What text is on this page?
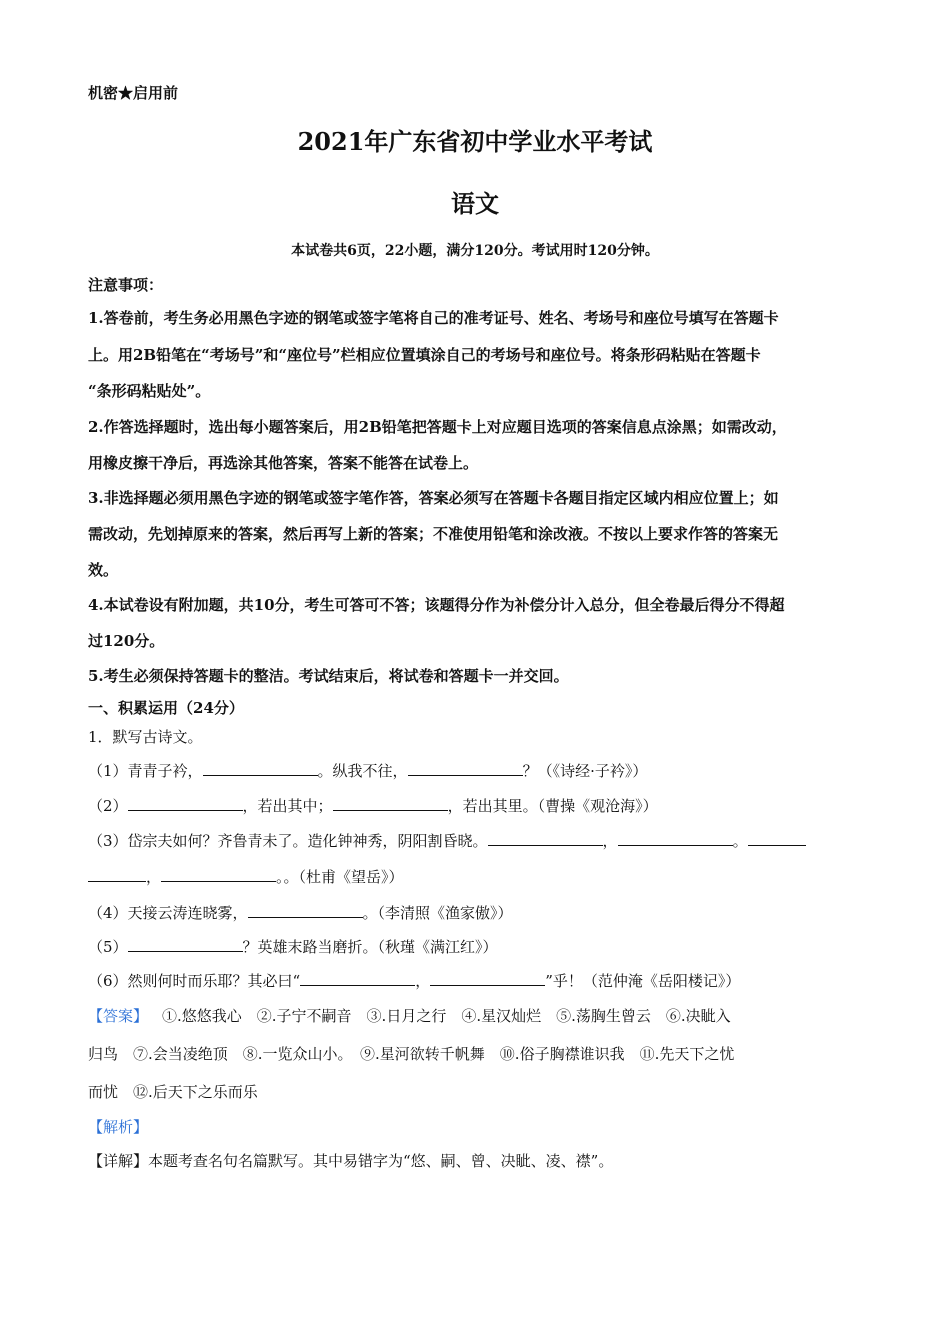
机密★启用前
2021年广东省初中学业水平考试
语文
本试卷共6页，22小题，满分120分。考试用时120分钟。
注意事项：
1.答卷前，考生务必用黑色字迹的钢笔或签字笔将自己的准考证号、姓名、考场号和座位号填写在答题卡
上。用2B铅笔在“考场号”和“座位号”栏相应位置填涂自己的考场号和座位号。将条形码粘贴在答题卡
“条形码粘贴处”。
2.作答选择题时，选出每小题答案后，用2B铅笔把答题卡上对应题目选项的答案信息点涂黑；如需改动，
用橡皮擦干净后，再选涂其他答案，答案不能答在试卷上。
3.非选择题必须用黑色字迹的钢笔或签字笔作答，答案必须写在答题卡各题目指定区域内相应位置上；如
需改动，先划掉原来的答案，然后再写上新的答案；不准使用铅笔和涂改液。不按以上要求作答的答案无
效。
4.本试卷设有附加题，共10分，考生可答可不答；该题得分作为补偿分计入总分，但全卷最后得分不得超
过120分。
5.考生必须保持答题卡的整洁。考试结束后，将试卷和答题卡一并交回。
一、积累运用（24分）
1．默写古诗文。
（1）青青子衿，	。纵我不往，	？（《诗经·子衿》）
（2）	，若出其中；	，若出其里。（曹操《观沧海》）
（3）岱宗夫如何？齐鲁青未了。造化钟神秀，阴阳割昏晓。	，	。
，	。。（杜甫《望岳》）
（4）天接云涛连晓雾，	。（李清照《渔家傲》）
（5）	？英雄末路当磨折。（秋瑾《满江红》）
（6）然则何时而乐耶？其必曰“	，	”乎！（范仲淹《岳阳楼记》）
【答案】 ①.悠悠我心　②.子宁不嗣音　③.日月之行　④.星汉灿烂　⑤.荡胸生曾云　⑥.决眦入
归鸟　⑦.会当凌绝顶　⑧.一览众山小。　⑨.星河欲转千帆舞　⑩.俗子胸襟谁识我　⑪.先天下之忧
而忧　⑫.后天下之乐而乐
【解析】
【详解】本题考查名句名篇默写。其中易错字为“悠、嗣、曾、决眦、凌、襟”。
